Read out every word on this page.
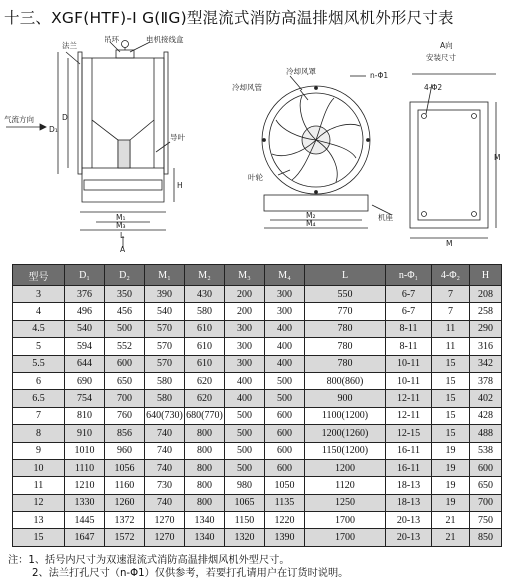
十三、XGF(HTF)-Ⅰ G(ⅡG)型混流式消防高温排烟风机外形尺寸表
法兰
吊环	电机接线盒
气流方向
D₁
D
导叶
H
M₁
M₃
L
A
冷却风罩
冷却风管
叶轮
n-Φ1
M₂
M₄
机座
A向
安装尺寸
4-Φ2
M
M
型号	D₁	D₂	M₁	M₂	M₃	M₄	L	n-Φ₁	4-Φ₂	H
3	376	350	390	430	200	300	550	6-7	7	208
4	496	456	540	580	200	300	770	6-7	7	258
4.5	540	500	570	610	300	400	780	8-11	11	290
5	594	552	570	610	300	400	780	8-11	11	316
5.5	644	600	570	610	300	400	780	10-11	15	342
6	690	650	580	620	400	500	800(860)	10-11	15	378
6.5	754	700	580	620	400	500	900	12-11	15	402
7	810	760	640(730)	680(770)	500	600	1100(1200)	12-11	15	428
8	910	856	740	800	500	600	1200(1260)	12-15	15	488
9	1010	960	740	800	500	600	1150(1200)	16-11	19	538
10	1110	1056	740	800	500	600	1200	16-11	19	600
11	1210	1160	730	800	980	1050	1120	18-13	19	650
12	1330	1260	740	800	1065	1135	1250	18-13	19	700
13	1445	1372	1270	1340	1150	1220	1700	20-13	21	750
15	1647	1572	1270	1340	1320	1390	1700	20-13	21	850
注：1、括号内尺寸为双速混流式消防高温排烟风机外型尺寸。
2、法兰打孔尺寸（n-Φ1）仅供参考，若要打孔请用户在订货时说明。
